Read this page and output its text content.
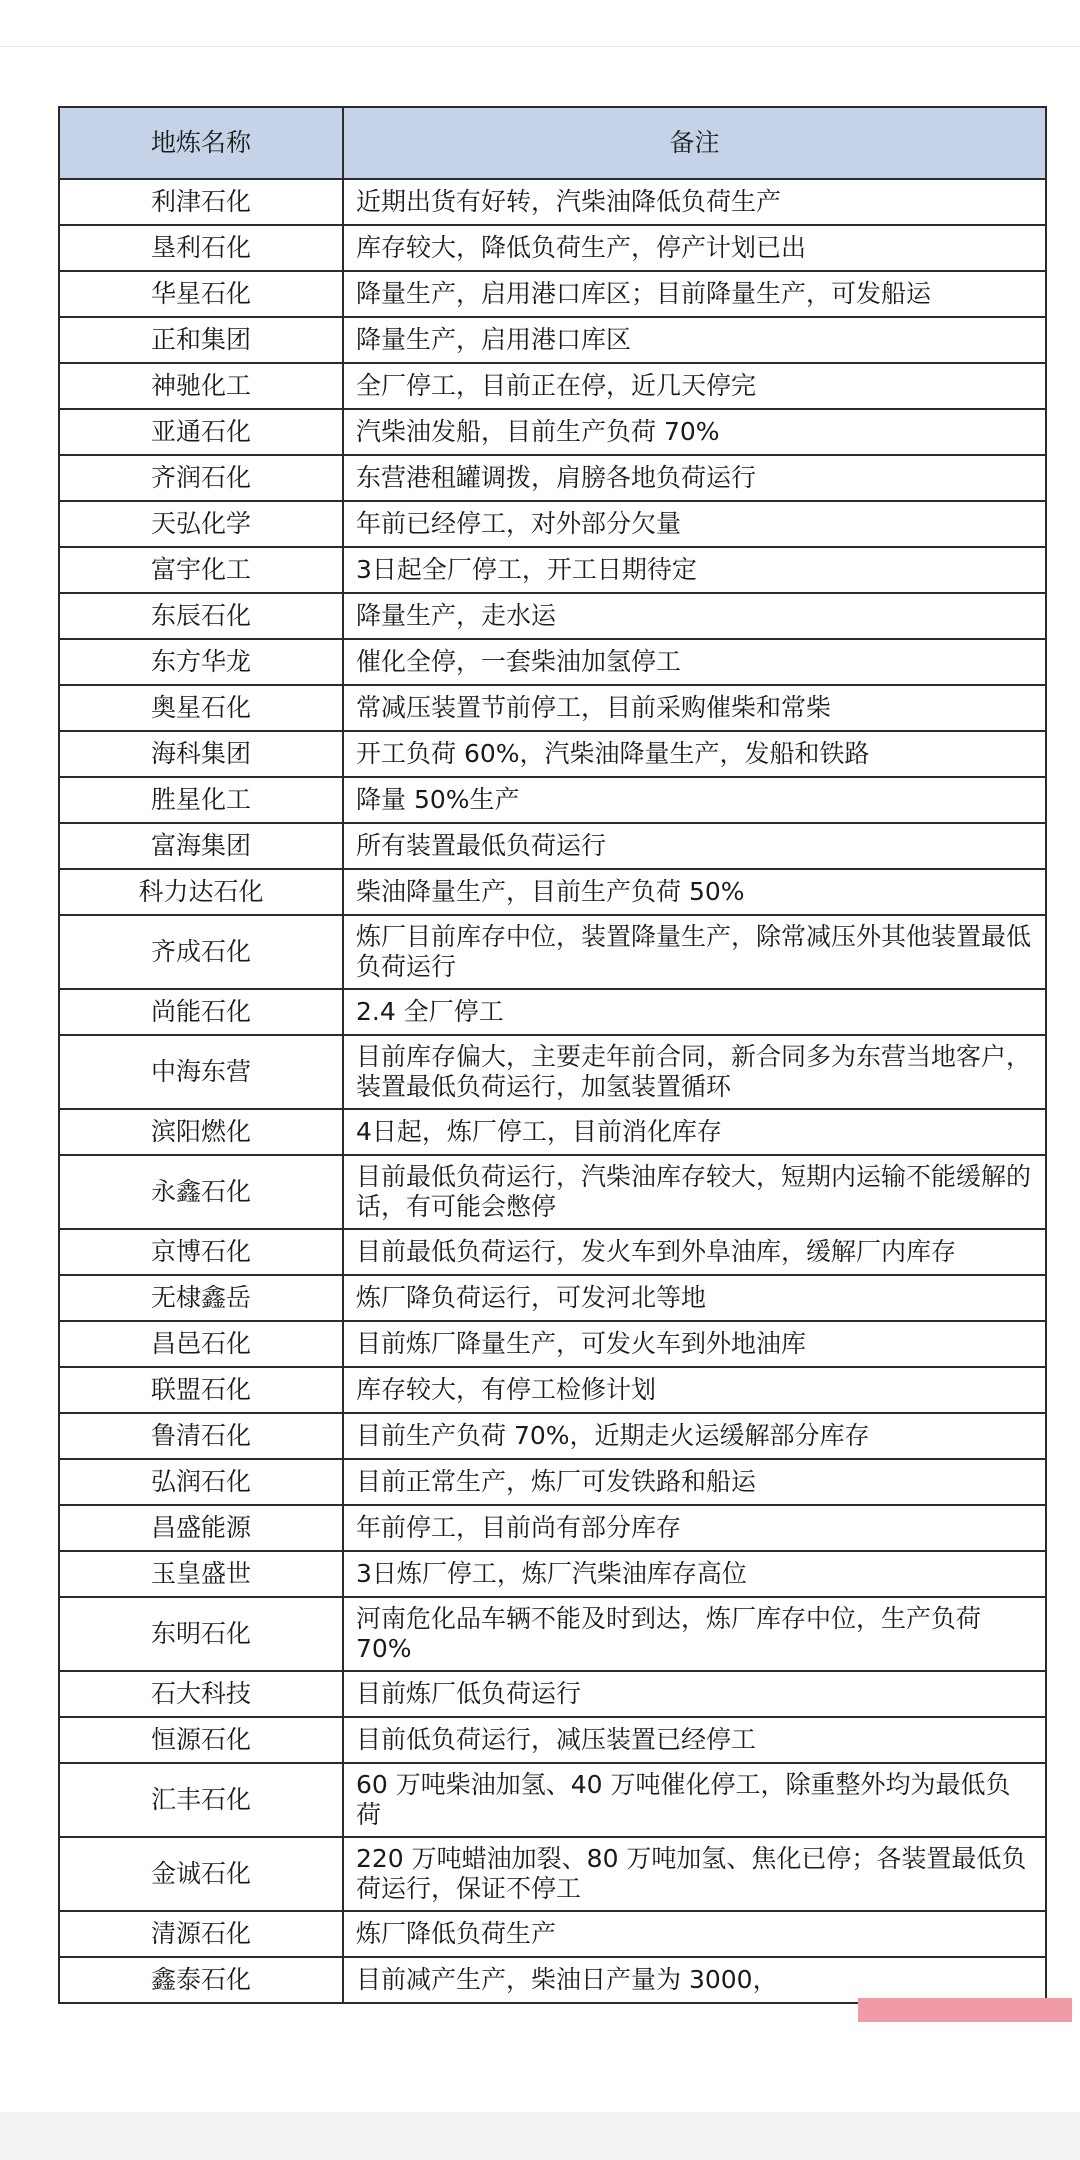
地炼名称	备注
利津石化	近期出货有好转，汽柴油降低负荷生产
垦利石化	库存较大，降低负荷生产，停产计划已出
华星石化	降量生产，启用港口库区；目前降量生产，可发船运
正和集团	降量生产，启用港口库区
神驰化工	全厂停工，目前正在停，近几天停完
亚通石化	汽柴油发船，目前生产负荷 70%
齐润石化	东营港租罐调拨，肩膀各地负荷运行
天弘化学	年前已经停工，对外部分欠量
富宇化工	3日起全厂停工，开工日期待定
东辰石化	降量生产，走水运
东方华龙	催化全停，一套柴油加氢停工
奥星石化	常减压装置节前停工，目前采购催柴和常柴
海科集团	开工负荷 60%，汽柴油降量生产，发船和铁路
胜星化工	降量 50%生产
富海集团	所有装置最低负荷运行
科力达石化	柴油降量生产，目前生产负荷 50%
齐成石化	炼厂目前库存中位，装置降量生产，除常减压外其他装置最低负荷运行
尚能石化	2.4 全厂停工
中海东营	目前库存偏大，主要走年前合同，新合同多为东营当地客户，装置最低负荷运行，加氢装置循环
滨阳燃化	4日起，炼厂停工，目前消化库存
永鑫石化	目前最低负荷运行，汽柴油库存较大，短期内运输不能缓解的话，有可能会憋停
京博石化	目前最低负荷运行，发火车到外阜油库，缓解厂内库存
无棣鑫岳	炼厂降负荷运行，可发河北等地
昌邑石化	目前炼厂降量生产，可发火车到外地油库
联盟石化	库存较大，有停工检修计划
鲁清石化	目前生产负荷 70%，近期走火运缓解部分库存
弘润石化	目前正常生产，炼厂可发铁路和船运
昌盛能源	年前停工，目前尚有部分库存
玉皇盛世	3日炼厂停工，炼厂汽柴油库存高位
东明石化	河南危化品车辆不能及时到达，炼厂库存中位，生产负荷 70%
石大科技	目前炼厂低负荷运行
恒源石化	目前低负荷运行，减压装置已经停工
汇丰石化	60 万吨柴油加氢、40 万吨催化停工，除重整外均为最低负荷
金诚石化	220 万吨蜡油加裂、80 万吨加氢、焦化已停；各装置最低负荷运行，保证不停工
清源石化	炼厂降低负荷生产
鑫泰石化	目前减产生产，柴油日产量为 3000，
